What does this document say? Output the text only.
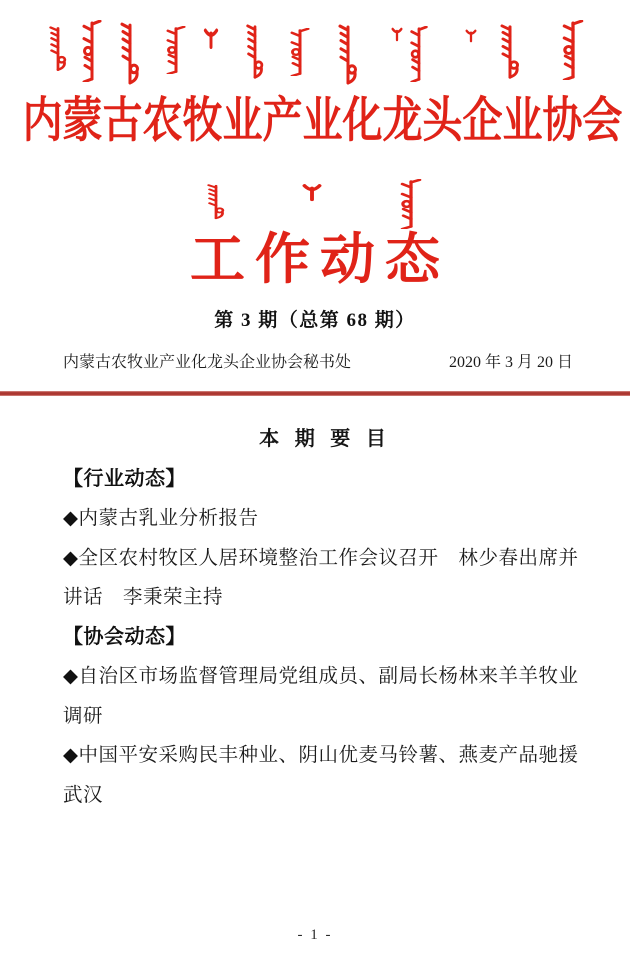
内蒙古农牧业产业化龙头企业协会
工作动态
第 3 期（总第 68 期）
内蒙古农牧业产业化龙头企业协会秘书处	2020 年 3 月 20 日
本 期 要 目
【行业动态】

◆内蒙古乳业分析报告

◆全区农村牧区人居环境整治工作会议召开　林少春出席并讲话　李秉荣主持

【协会动态】

◆自治区市场监督管理局党组成员、副局长杨林来羊羊牧业调研

◆中国平安采购民丰种业、阴山优麦马铃薯、燕麦产品驰援武汉

- 1 -
